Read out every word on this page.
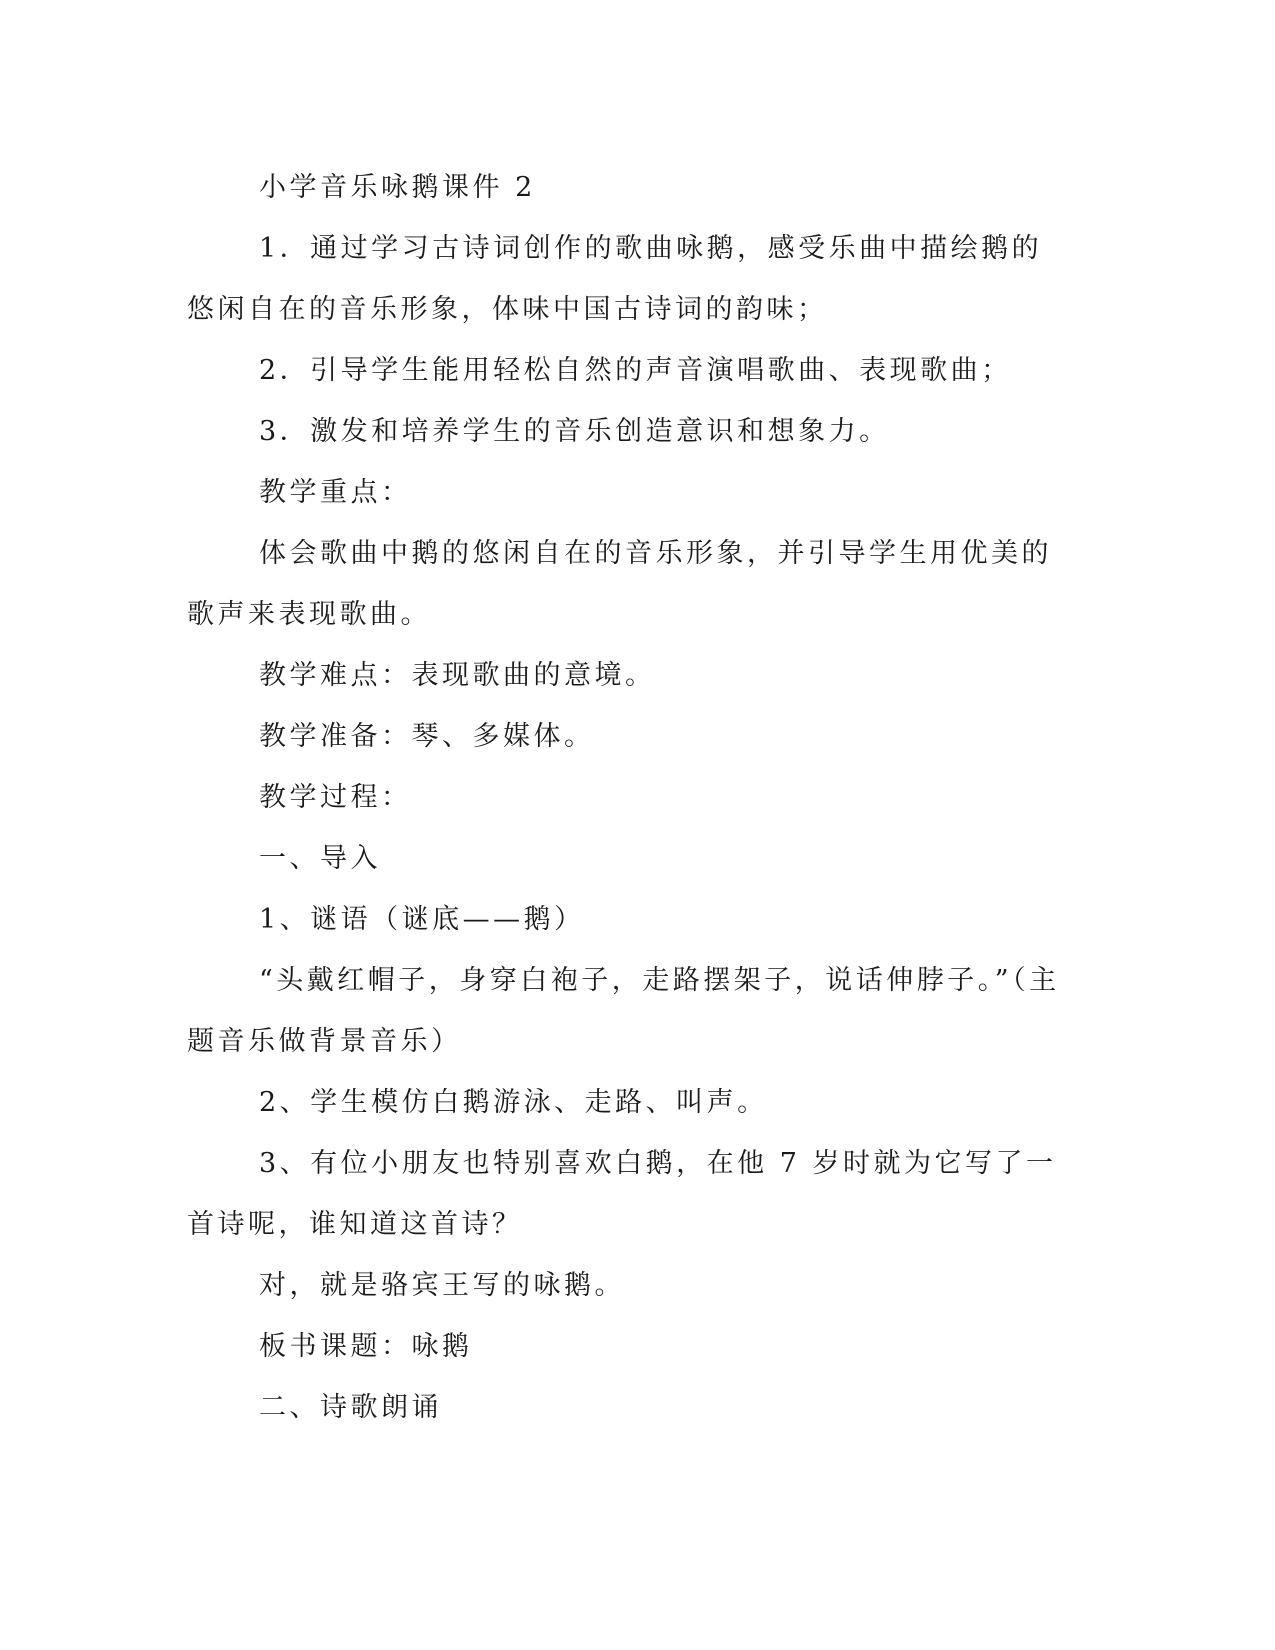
小学音乐咏鹅课件 2

1．通过学习古诗词创作的歌曲咏鹅，感受乐曲中描绘鹅的悠闲自在的音乐形象，体味中国古诗词的韵味；

2．引导学生能用轻松自然的声音演唱歌曲、表现歌曲；

3．激发和培养学生的音乐创造意识和想象力。

教学重点：

体会歌曲中鹅的悠闲自在的音乐形象，并引导学生用优美的歌声来表现歌曲。

教学难点：表现歌曲的意境。

教学准备：琴、多媒体。

教学过程：

一、导入

1、谜语（谜底——鹅）

“头戴红帽子，身穿白袍子，走路摆架子，说话伸脖子。”（主题音乐做背景音乐）

2、学生模仿白鹅游泳、走路、叫声。

3、有位小朋友也特别喜欢白鹅，在他 7 岁时就为它写了一首诗呢，谁知道这首诗？

对，就是骆宾王写的咏鹅。

板书课题：咏鹅

二、诗歌朗诵
